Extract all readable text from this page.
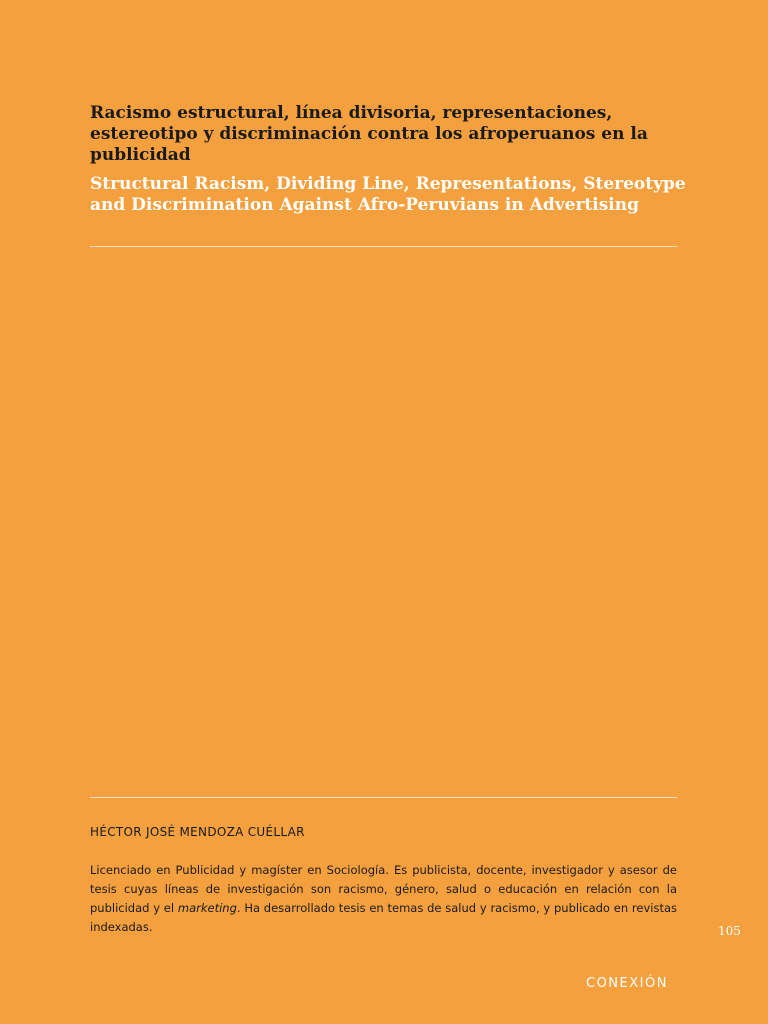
Racismo estructural, línea divisoria, representaciones, estereotipo y discriminación contra los afroperuanos en la publicidad
Structural Racism, Dividing Line, Representations, Stereotype and Discrimination Against Afro-Peruvians in Advertising

HÉCTOR JOSÉ MENDOZA CUÉLLAR

Licenciado en Publicidad y magíster en Sociología. Es publicista, docente, investigador y asesor de tesis cuyas líneas de investigación son racismo, género, salud o educación en relación con la publicidad y el marketing. Ha desarrollado tesis en temas de salud y racismo, y publicado en revistas indexadas.	105
CONEXIÓN
